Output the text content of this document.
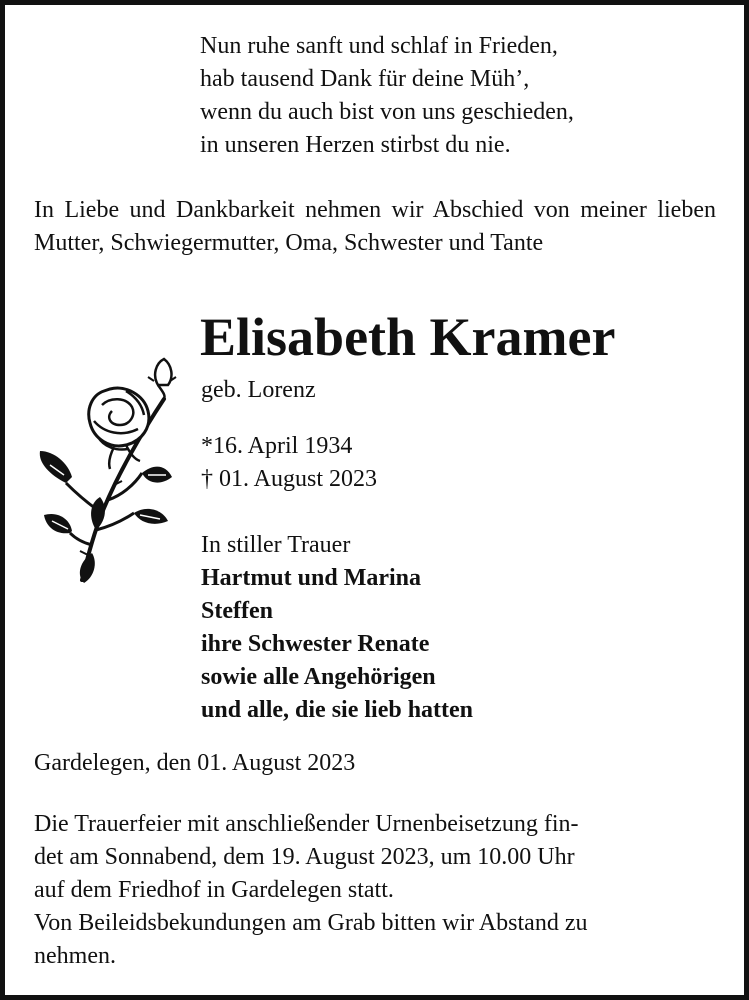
Nun ruhe sanft und schlaf in Frieden,
hab tausend Dank für deine Müh’,
wenn du auch bist von uns geschieden,
in unseren Herzen stirbst du nie.
In Liebe und Dankbarkeit nehmen wir Abschied von meiner lieben Mutter, Schwiegermutter, Oma, Schwester und Tante
Elisabeth Kramer
geb. Lorenz
*16. April 1934
† 01. August 2023
In stiller Trauer
Hartmut und Marina
Steffen
ihre Schwester Renate
sowie alle Angehörigen
und alle, die sie lieb hatten
Gardelegen, den 01. August 2023
Die Trauerfeier mit anschließender Urnenbeisetzung fin-
det am Sonnabend, dem 19. August 2023, um 10.00 Uhr
auf dem Friedhof in Gardelegen statt.
Von Beileidsbekundungen am Grab bitten wir Abstand zu
nehmen.
